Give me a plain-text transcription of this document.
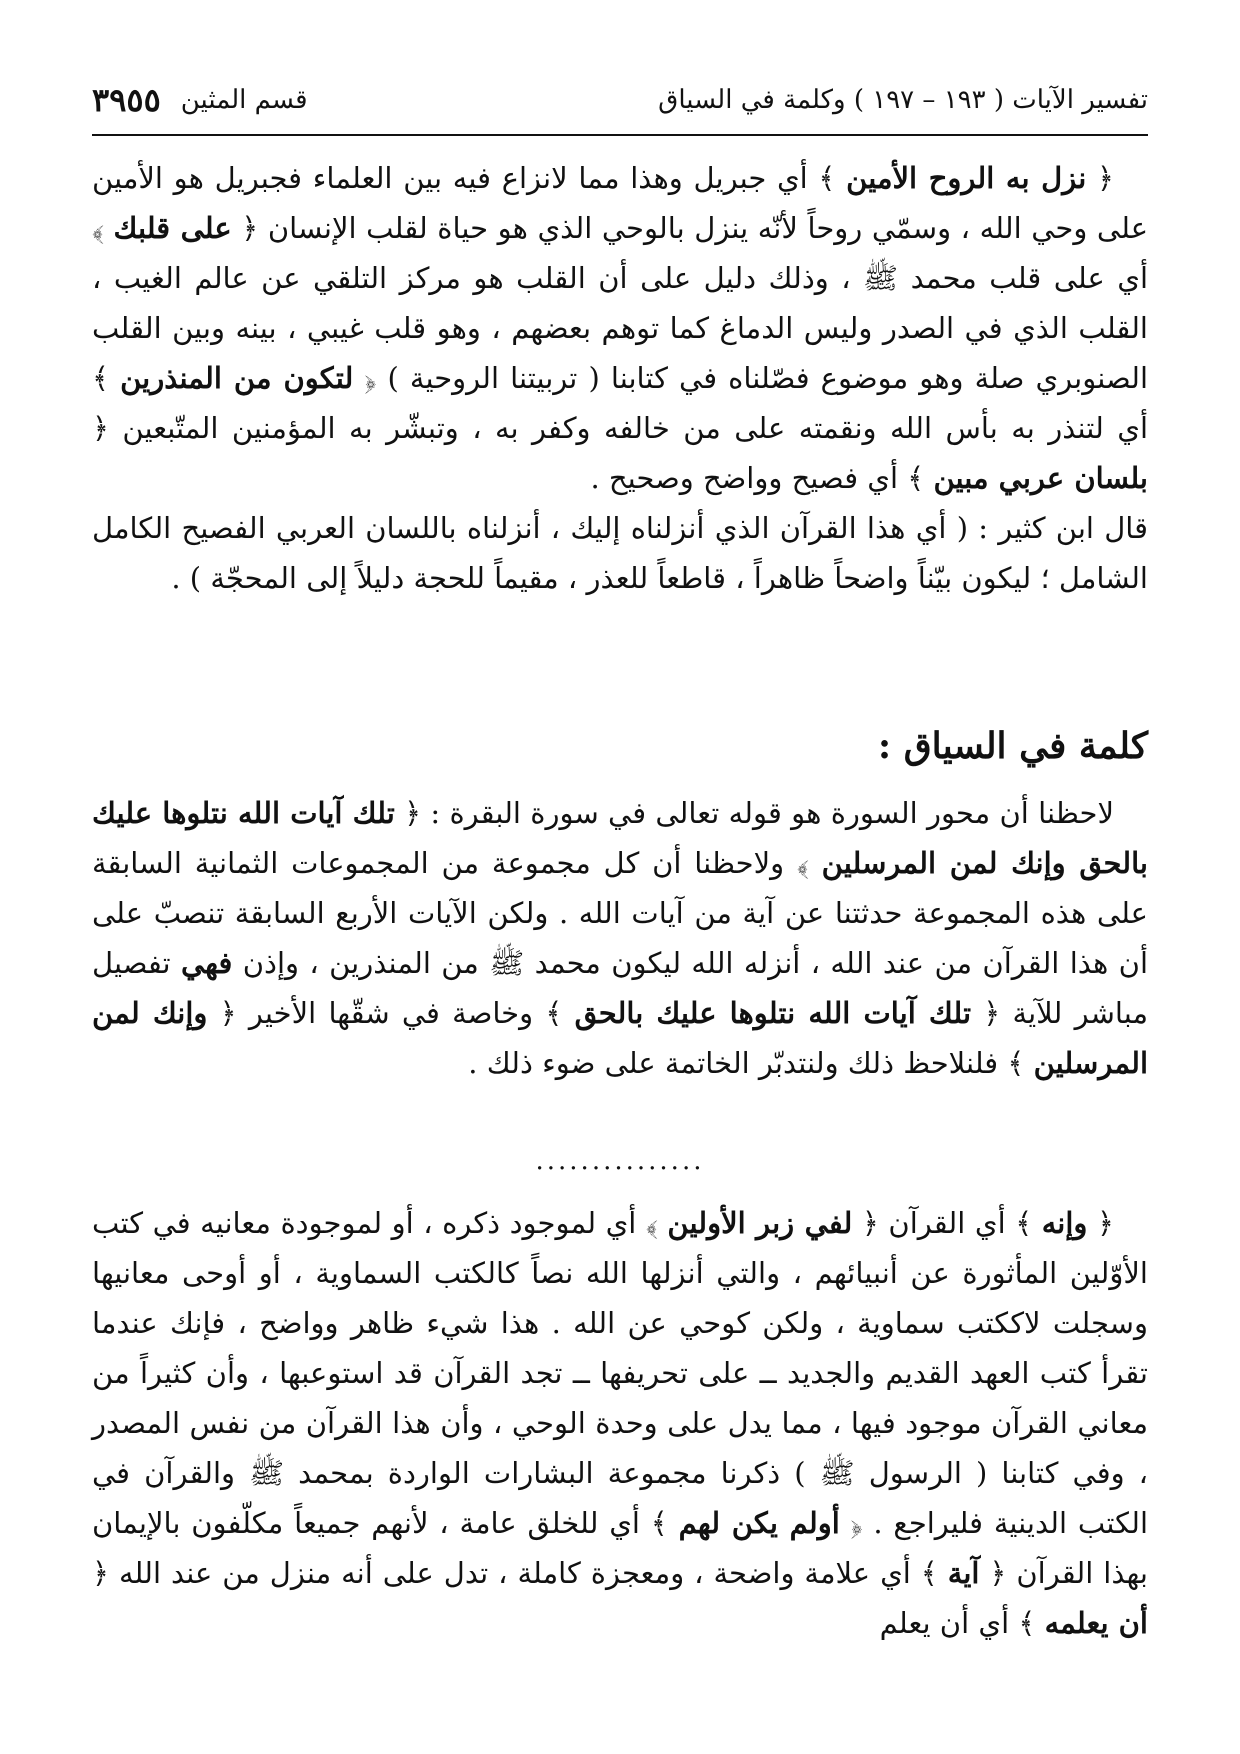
تفسير الآيات ( ١٩٣ – ١٩٧ ) وكلمة في السياق
قسم المثين
٣٩٥٥

﴿ نزل به الروح الأمين ﴾ أي جبريل وهذا مما لانزاع فيه بين العلماء فجبريل هو الأمين على وحي الله ، وسمّي روحاً لأنّه ينزل بالوحي الذي هو حياة لقلب الإنسان ﴿ على قلبك ﴾ أي على قلب محمد ﷺ ، وذلك دليل على أن القلب هو مركز التلقي عن عالم الغيب ، القلب الذي في الصدر وليس الدماغ كما توهم بعضهم ، وهو قلب غيبي ، بينه وبين القلب الصنوبري صلة وهو موضوع فصّلناه في كتابنا ( تربيتنا الروحية ) ﴿ لتكون من المنذرين ﴾ أي لتنذر به بأس الله ونقمته على من خالفه وكفر به ، وتبشّر به المؤمنين المتّبعين ﴿ بلسان عربي مبين ﴾ أي فصيح وواضح وصحيح .

قال ابن كثير : ( أي هذا القرآن الذي أنزلناه إليك ، أنزلناه باللسان العربي الفصيح الكامل الشامل ؛ ليكون بيّناً واضحاً ظاهراً ، قاطعاً للعذر ، مقيماً للحجة دليلاً إلى المحجّة ) .

كلمة في السياق :

لاحظنا أن محور السورة هو قوله تعالى في سورة البقرة : ﴿ تلك آيات الله نتلوها عليك بالحق وإنك لمن المرسلين ﴾ ولاحظنا أن كل مجموعة من المجموعات الثمانية السابقة على هذه المجموعة حدثتنا عن آية من آيات الله . ولكن الآيات الأربع السابقة تنصبّ على أن هذا القرآن من عند الله ، أنزله الله ليكون محمد ﷺ من المنذرين ، وإذن فهي تفصيل مباشر للآية ﴿ تلك آيات الله نتلوها عليك بالحق ﴾ وخاصة في شقّها الأخير ﴿ وإنك لمن المرسلين ﴾ فلنلاحظ ذلك ولنتدبّر الخاتمة على ضوء ذلك .

...............

﴿ وإنه ﴾ أي القرآن ﴿ لفي زبر الأولين ﴾ أي لموجود ذكره ، أو لموجودة معانيه في كتب الأوّلين المأثورة عن أنبيائهم ، والتي أنزلها الله نصاً كالكتب السماوية ، أو أوحى معانيها وسجلت لاككتب سماوية ، ولكن كوحي عن الله . هذا شيء ظاهر وواضح ، فإنك عندما تقرأ كتب العهد القديم والجديد ــ على تحريفها ــ تجد القرآن قد استوعبها ، وأن كثيراً من معاني القرآن موجود فيها ، مما يدل على وحدة الوحي ، وأن هذا القرآن من نفس المصدر ، وفي كتابنا ( الرسول ﷺ ) ذكرنا مجموعة البشارات الواردة بمحمد ﷺ والقرآن في الكتب الدينية فليراجع . ﴿ أولم يكن لهم ﴾ أي للخلق عامة ، لأنهم جميعاً مكلّفون بالإيمان بهذا القرآن ﴿ آية ﴾ أي علامة واضحة ، ومعجزة كاملة ، تدل على أنه منزل من عند الله ﴿ أن يعلمه ﴾ أي أن يعلم
